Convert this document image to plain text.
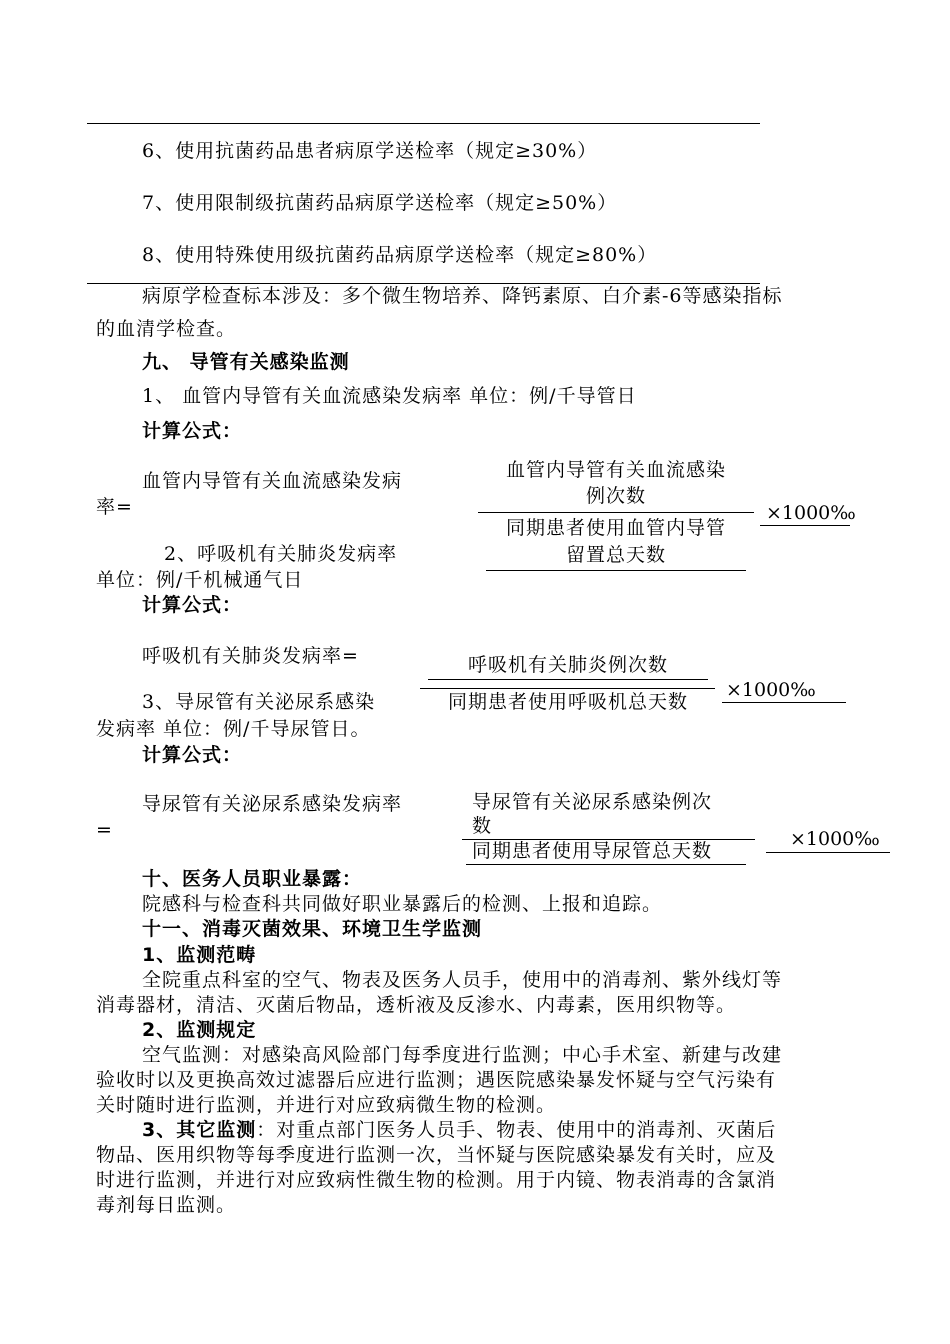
6、使用抗菌药品患者病原学送检率（规定≥30%）
7、使用限制级抗菌药品病原学送检率（规定≥50%）
8、使用特殊使用级抗菌药品病原学送检率（规定≥80%）
病原学检查标本涉及：多个微生物培养、降钙素原、白介素-6等感染指标
的血清学检查。
九、 导管有关感染监测
1、 血管内导管有关血流感染发病率 单位：例/千导管日
计算公式：
血管内导管有关血流感染发病
率=
血管内导管有关血流感染
例次数
同期患者使用血管内导管
留置总天数
×1000‰
2、呼吸机有关肺炎发病率
单位：例/千机械通气日
计算公式：
呼吸机有关肺炎发病率=	呼吸机有关肺炎例次数
同期患者使用呼吸机总天数
×1000‰
3、导尿管有关泌尿系感染
发病率 单位：例/千导尿管日。
计算公式：
导尿管有关泌尿系感染发病率
=
导尿管有关泌尿系感染例次
数
同期患者使用导尿管总天数
×1000‰
十、医务人员职业暴露：
院感科与检查科共同做好职业暴露后的检测、上报和追踪。
十一、消毒灭菌效果、环境卫生学监测
1、监测范畴
全院重点科室的空气、物表及医务人员手，使用中的消毒剂、紫外线灯等
消毒器材，清洁、灭菌后物品，透析液及反渗水、内毒素，医用织物等。
2、监测规定
空气监测：对感染高风险部门每季度进行监测；中心手术室、新建与改建
验收时以及更换高效过滤器后应进行监测；遇医院感染暴发怀疑与空气污染有
关时随时进行监测，并进行对应致病微生物的检测。
3、其它监测：对重点部门医务人员手、物表、使用中的消毒剂、灭菌后
物品、医用织物等每季度进行监测一次，当怀疑与医院感染暴发有关时，应及
时进行监测，并进行对应致病性微生物的检测。用于内镜、物表消毒的含氯消
毒剂每日监测。
